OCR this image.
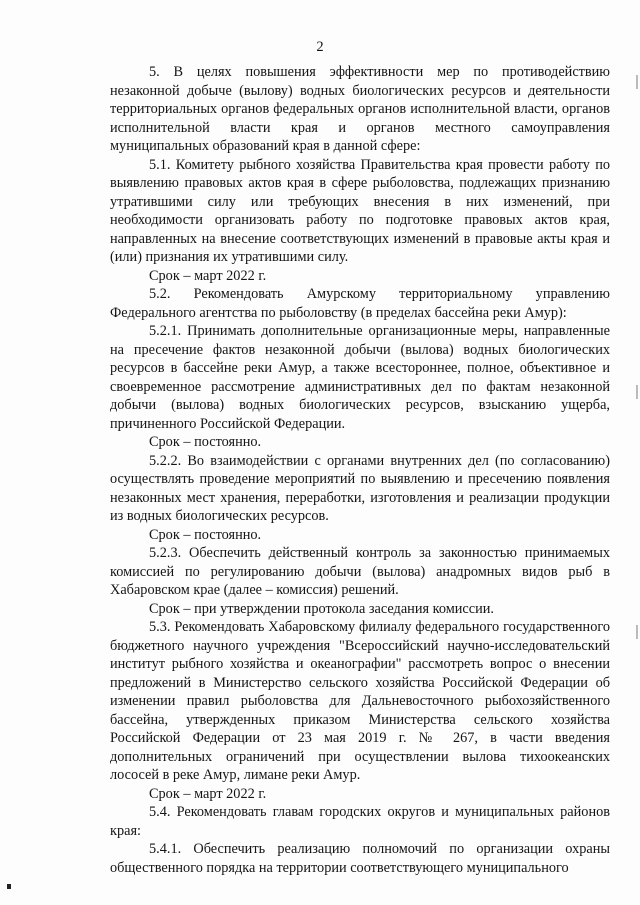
2

5. В целях повышения эффективности мер по противодействию незаконной добыче (вылову) водных биологических ресурсов и деятельности территориальных органов федеральных органов исполнительной власти, органов исполнительной власти края и органов местного самоуправления муниципальных образований края в данной сфере:

5.1. Комитету рыбного хозяйства Правительства края провести работу по выявлению правовых актов края в сфере рыболовства, подлежащих признанию утратившими силу или требующих внесения в них изменений, при необходимости организовать работу по подготовке правовых актов края, направленных на внесение соответствующих изменений в правовые акты края и (или) признания их утратившими силу.

Срок – март 2022 г.

5.2. Рекомендовать Амурскому территориальному управлению Федерального агентства по рыболовству (в пределах бассейна реки Амур):

5.2.1. Принимать дополнительные организационные меры, направленные на пресечение фактов незаконной добычи (вылова) водных биологических ресурсов в бассейне реки Амур, а также всестороннее, полное, объективное и своевременное рассмотрение административных дел по фактам незаконной добычи (вылова) водных биологических ресурсов, взысканию ущерба, причиненного Российской Федерации.

Срок – постоянно.

5.2.2. Во взаимодействии с органами внутренних дел (по согласованию) осуществлять проведение мероприятий по выявлению и пресечению появления незаконных мест хранения, переработки, изготовления и реализации продукции из водных биологических ресурсов.

Срок – постоянно.

5.2.3. Обеспечить действенный контроль за законностью принимаемых комиссией по регулированию добычи (вылова) анадромных видов рыб в Хабаровском крае (далее – комиссия) решений.

Срок – при утверждении протокола заседания комиссии.

5.3. Рекомендовать Хабаровскому филиалу федерального государственного бюджетного научного учреждения "Всероссийский научно-исследовательский институт рыбного хозяйства и океанографии" рассмотреть вопрос о внесении предложений в Министерство сельского хозяйства Российской Федерации об изменении правил рыболовства для Дальневосточного рыбохозяйственного бассейна, утвержденных приказом Министерства сельского хозяйства Российской Федерации от 23 мая 2019 г. № 267, в части введения дополнительных ограничений при осуществлении вылова тихоокеанских лососей в реке Амур, лимане реки Амур.

Срок – март 2022 г.

5.4. Рекомендовать главам городских округов и муниципальных районов края:

5.4.1. Обеспечить реализацию полномочий по организации охраны общественного порядка на территории соответствующего муниципального
